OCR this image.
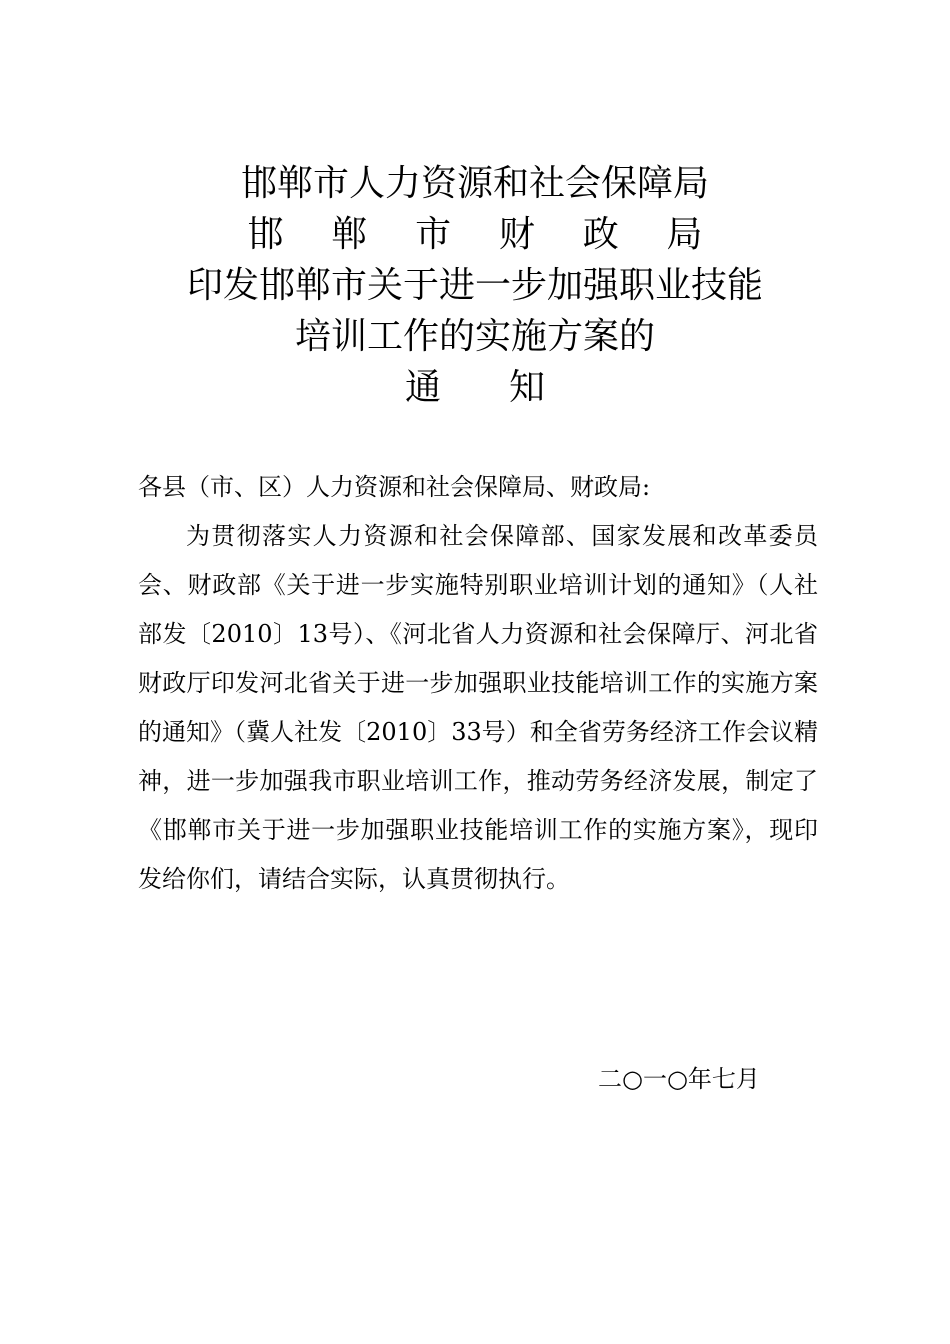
邯郸市人力资源和社会保障局
邯 郸 市 财 政 局
印发邯郸市关于进一步加强职业技能
培训工作的实施方案的
通 知
各县（市、区）人力资源和社会保障局、财政局:
为贯彻落实人力资源和社会保障部、国家发展和改革委员会、财政部《关于进一步实施特别职业培训计划的通知》（人社部发〔2010〕13号）、《河北省人力资源和社会保障厅、河北省财政厅印发河北省关于进一步加强职业技能培训工作的实施方案的通知》（冀人社发〔2010〕33号）和全省劳务经济工作会议精神，进一步加强我市职业培训工作，推动劳务经济发展，制定了《邯郸市关于进一步加强职业技能培训工作的实施方案》，现印发给你们，请结合实际，认真贯彻执行。
二○一○年七月
